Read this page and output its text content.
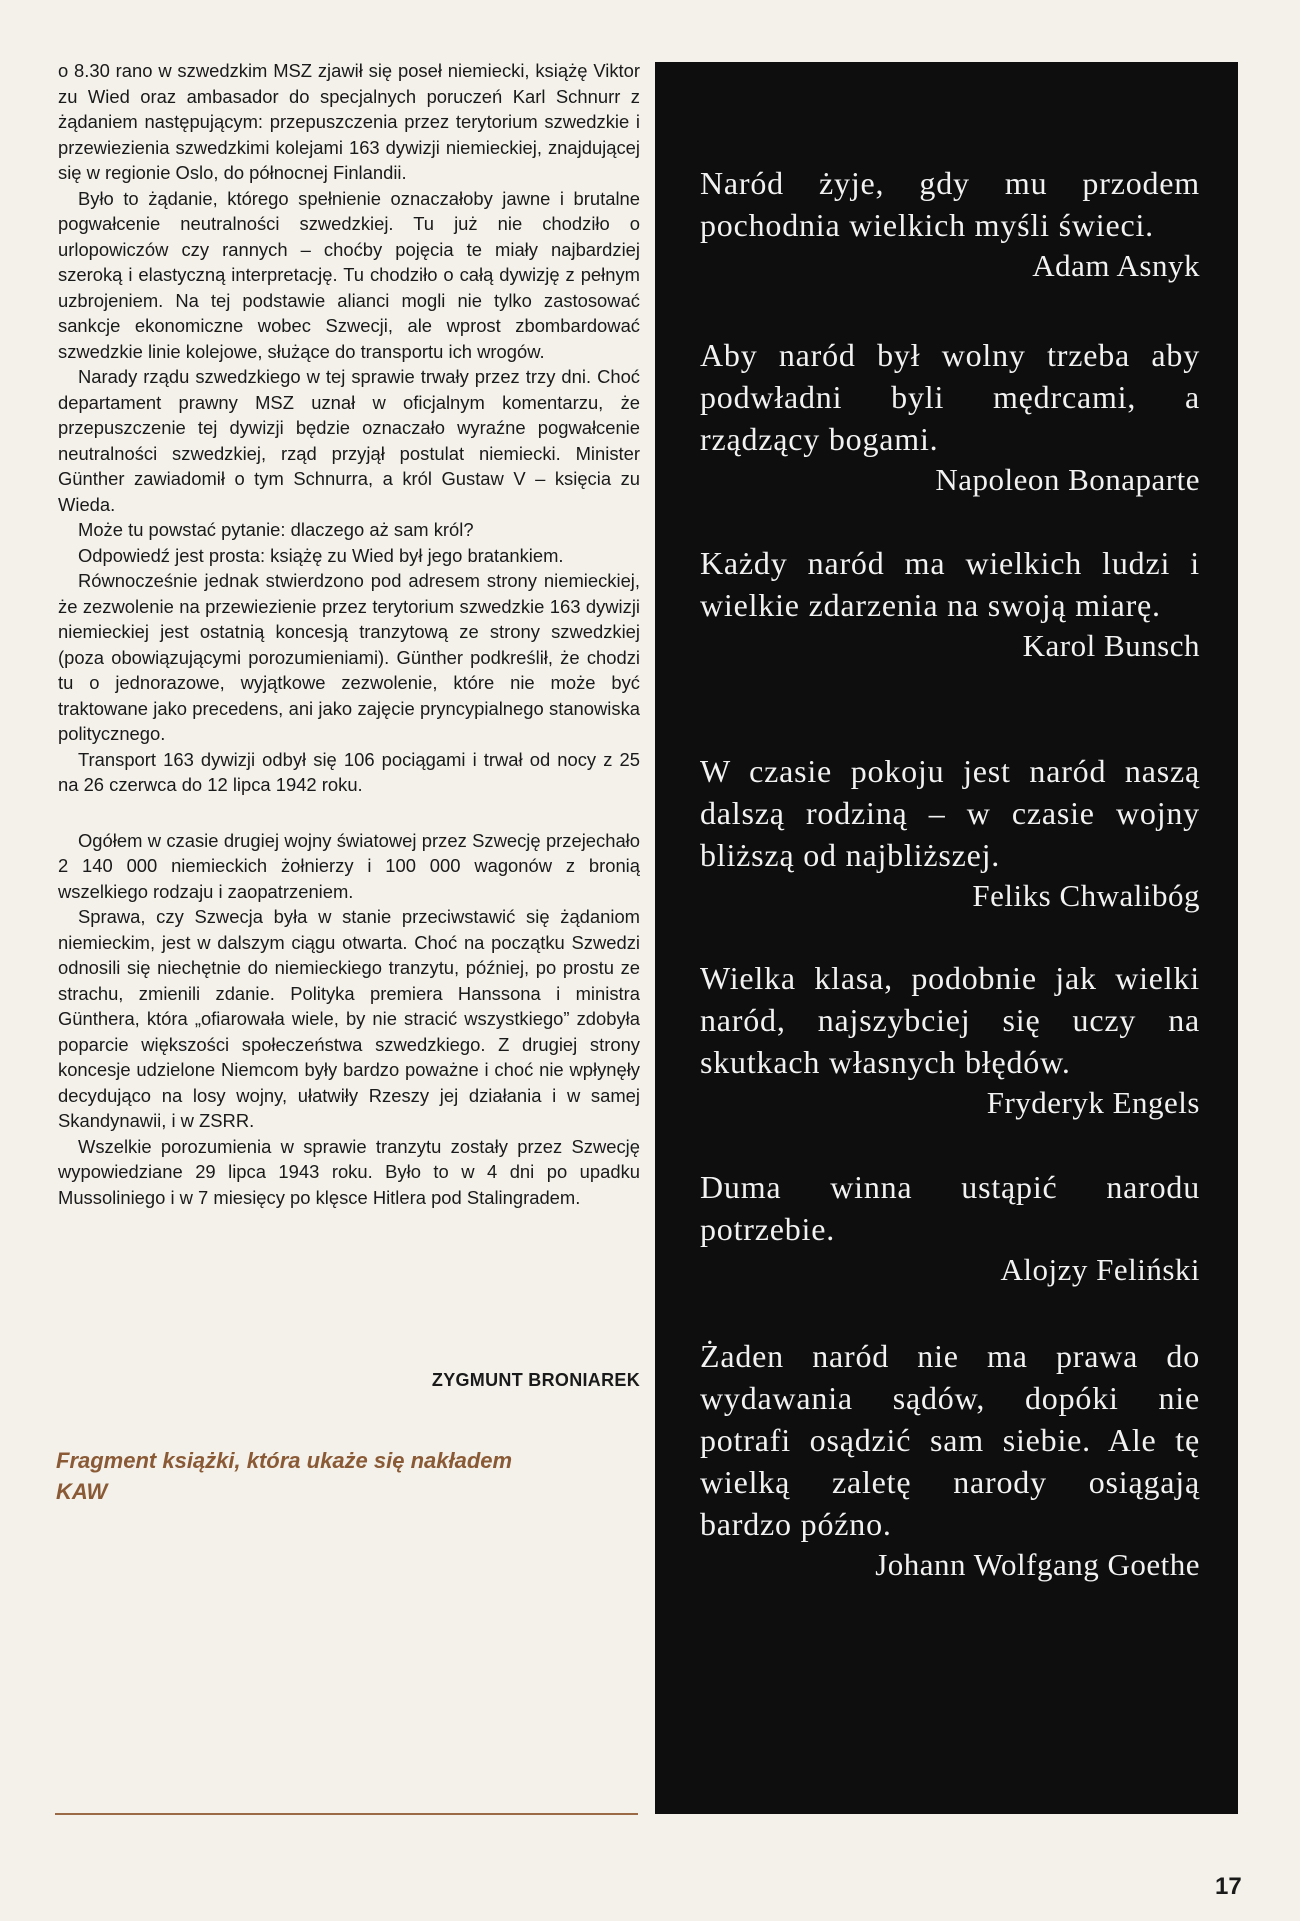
o 8.30 rano w szwedzkim MSZ zjawił się poseł niemiecki, książę Viktor zu Wied oraz ambasador do specjalnych poruczeń Karl Schnurr z żądaniem następującym: przepuszczenia przez terytorium szwedzkie i przewiezienia szwedzkimi kolejami 163 dywizji niemieckiej, znajdującej się w regionie Oslo, do północnej Finlandii.

Było to żądanie, którego spełnienie oznaczałoby jawne i brutalne pogwałcenie neutralności szwedzkiej. Tu już nie chodziło o urlopowiczów czy rannych – choćby pojęcia te miały najbardziej szeroką i elastyczną interpretację. Tu chodziło o całą dywizję z pełnym uzbrojeniem. Na tej podstawie alianci mogli nie tylko zastosować sankcje ekonomiczne wobec Szwecji, ale wprost zbombardować szwedzkie linie kolejowe, służące do transportu ich wrogów.

Narady rządu szwedzkiego w tej sprawie trwały przez trzy dni. Choć departament prawny MSZ uznał w oficjalnym komentarzu, że przepuszczenie tej dywizji będzie oznaczało wyraźne pogwałcenie neutralności szwedzkiej, rząd przyjął postulat niemiecki. Minister Günther zawiadomił o tym Schnurra, a król Gustaw V – księcia zu Wieda.

Może tu powstać pytanie: dlaczego aż sam król?

Odpowiedź jest prosta: książę zu Wied był jego bratankiem.

Równocześnie jednak stwierdzono pod adresem strony niemieckiej, że zezwolenie na przewiezienie przez terytorium szwedzkie 163 dywizji niemieckiej jest ostatnią koncesją tranzytową ze strony szwedzkiej (poza obowiązującymi porozumieniami). Günther podkreślił, że chodzi tu o jednorazowe, wyjątkowe zezwolenie, które nie może być traktowane jako precedens, ani jako zajęcie pryncypialnego stanowiska politycznego.

Transport 163 dywizji odbył się 106 pociągami i trwał od nocy z 25 na 26 czerwca do 12 lipca 1942 roku.

Ogółem w czasie drugiej wojny światowej przez Szwecję przejechało 2 140 000 niemieckich żołnierzy i 100 000 wagonów z bronią wszelkiego rodzaju i zaopatrzeniem.

Sprawa, czy Szwecja była w stanie przeciwstawić się żądaniom niemieckim, jest w dalszym ciągu otwarta. Choć na początku Szwedzi odnosili się niechętnie do niemieckiego tranzytu, później, po prostu ze strachu, zmienili zdanie. Polityka premiera Hanssona i ministra Günthera, która „ofiarowała wiele, by nie stracić wszystkiego” zdobyła poparcie większości społeczeństwa szwedzkiego. Z drugiej strony koncesje udzielone Niemcom były bardzo poważne i choć nie wpłynęły decydująco na losy wojny, ułatwiły Rzeszy jej działania i w samej Skandynawii, i w ZSRR.

Wszelkie porozumienia w sprawie tranzytu zostały przez Szwecję wypowiedziane 29 lipca 1943 roku. Było to w 4 dni po upadku Mussoliniego i w 7 miesięcy po klęsce Hitlera pod Stalingradem.

ZYGMUNT BRONIAREK
Fragment książki, która ukaże się nakładem KAW

Naród żyje, gdy mu przodem pochodnia wielkich myśli świeci.

Adam Asnyk

Aby naród był wolny trzeba aby podwładni byli mędrcami, a rządzący bogami.

Napoleon Bonaparte

Każdy naród ma wielkich ludzi i wielkie zdarzenia na swoją miarę.

Karol Bunsch

W czasie pokoju jest naród naszą dalszą rodziną – w czasie wojny bliższą od najbliższej.

Feliks Chwalibóg

Wielka klasa, podobnie jak wielki naród, najszybciej się uczy na skutkach własnych błędów.

Fryderyk Engels

Duma winna ustąpić narodu potrzebie.

Alojzy Feliński

Żaden naród nie ma prawa do wydawania sądów, dopóki nie potrafi osądzić sam siebie. Ale tę wielką zaletę narody osiągają bardzo późno.

Johann Wolfgang Goethe

17
